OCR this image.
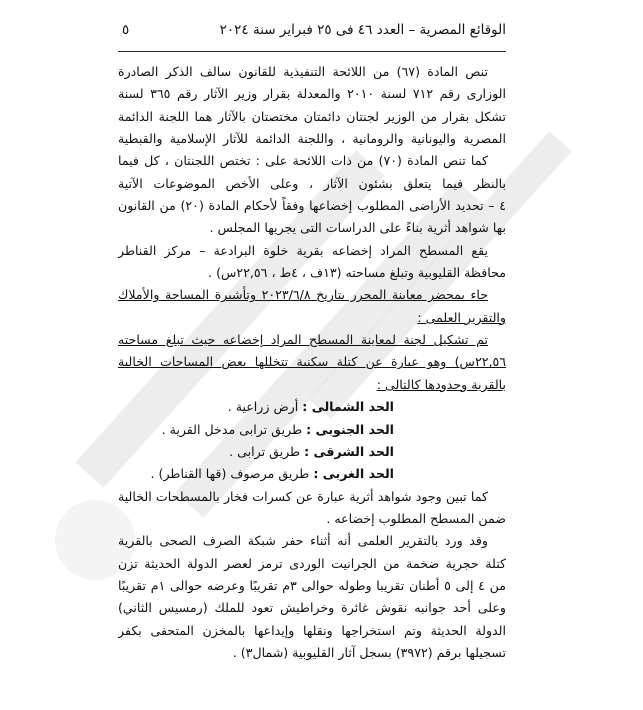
الوقائع المصرية – العدد ٤٦ فى ٢٥ فبراير سنة ٢٠٢٤
٥
تنص المادة (٦٧) من اللائحة التنفيذية للقانون سالف الذكر الصادرة
الوزارى رقم ٧١٢ لسنة ٢٠١٠ والمعدلة بقرار وزير الآثار رقم ٣٦٥ لسنة
تشكل بقرار من الوزير لجنتان دائمتان مختصتان بالآثار هما اللجنة الدائمة
المصرية واليونانية والرومانية ، واللجنة الدائمة للآثار الإسلامية والقبطية
كما تنص المادة (٧٠) من ذات اللائحة على : تختص اللجنتان ، كل فيما
بالنظر فيما يتعلق بشئون الآثار ، وعلى الأخص الموضوعات الآتية
٤ – تحديد الأراضى المطلوب إخضاعها وفقاً لأحكام المادة (٢٠) من القانون
بها شواهد أثرية بناءً على الدراسات التى يجريها المجلس .
يقع المسطح المراد إخضاعه بقرية خلوة البرادعة – مركز القناطر
محافظة القليوبية وتبلغ مساحته (١٣ف ، ٤ط ، ٢٢,٥٦س) .
جاء بمحضر معاينة المحرر بتاريخ ٢٠٢٣/٦/٨ وتأشيرة المساحة والأملاك
والتقرير العلمى :
تم تشكيل لجنة لمعاينة المسطح المراد إخضاعه حيث تبلغ مساحته
٢٢,٥٦س) وهو عبارة عن كتلة سكنية تتخللها بعض المساحات الخالية
بالقرية وحدودها كالتالى :
الحد الشمالى : أرض زراعية .
الحد الجنوبى : طريق ترابى مدخل القرية .
الحد الشرقى : طريق ترابى .
الحد الغربى : طريق مرصوف (قها القناطر) .
كما تبين وجود شواهد أثرية عبارة عن كسرات فخار بالمسطحات الخالية
ضمن المسطح المطلوب إخضاعه .
وقد ورد بالتقرير العلمى أنه أثناء حفر شبكة الصرف الصحى بالقرية
كتلة حجرية ضخمة من الجرانيت الوردى ترمز لعصر الدولة الحديثة تزن
من ٤ إلى ٥ أطنان تقريبا وطوله حوالى ٣م تقريبًا وعرضه حوالى ١م تقريبًا
وعلى أحد جوانبه نقوش غائرة وخراطيش تعود للملك (رمسيس الثاني)
الدولة الحديثة وتم استخراجها ونقلها وإيداعها بالمخزن المتحفى بكفر
تسجيلها برقم (٣٩٧٢) بسجل آثار القليوبية (شمال٣) .
